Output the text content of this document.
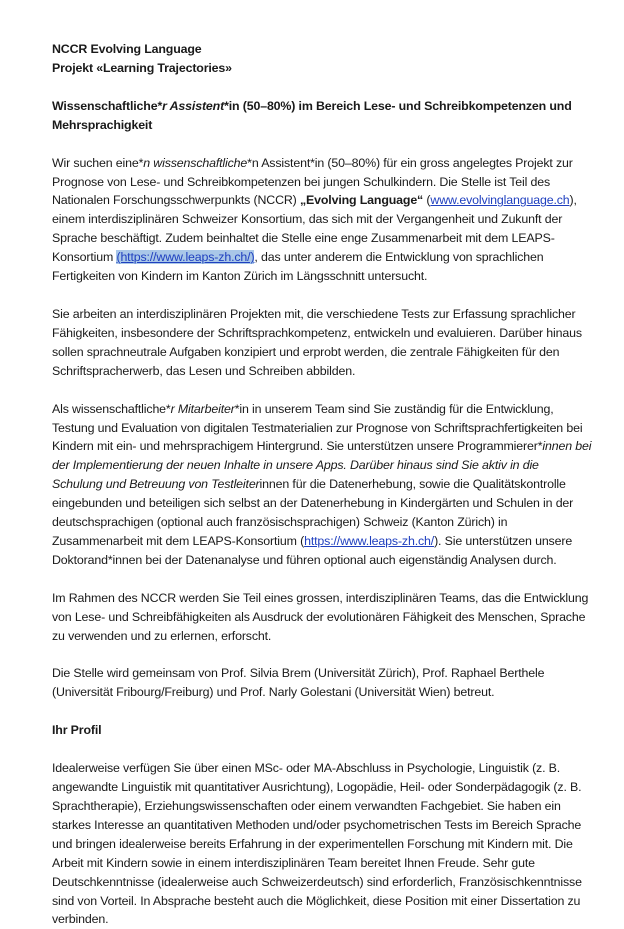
NCCR Evolving Language

Projekt «Learning Trajectories»

Wissenschaftliche*r Assistent*in (50–80%) im Bereich Lese- und Schreibkompetenzen und Mehrsprachigkeit

Wir suchen eine*n wissenschaftliche*n Assistent*in (50–80%) für ein gross angelegtes Projekt zur Prognose von Lese- und Schreibkompetenzen bei jungen Schulkindern. Die Stelle ist Teil des Nationalen Forschungsschwerpunkts (NCCR) „Evolving Language“ (www.evolvinglanguage.ch), einem interdisziplinären Schweizer Konsortium, das sich mit der Vergangenheit und Zukunft der Sprache beschäftigt. Zudem beinhaltet die Stelle eine enge Zusammenarbeit mit dem LEAPS-Konsortium (https://www.leaps-zh.ch/), das unter anderem die Entwicklung von sprachlichen Fertigkeiten von Kindern im Kanton Zürich im Längsschnitt untersucht.

Sie arbeiten an interdisziplinären Projekten mit, die verschiedene Tests zur Erfassung sprachlicher Fähigkeiten, insbesondere der Schriftsprachkompetenz, entwickeln und evaluieren. Darüber hinaus sollen sprachneutrale Aufgaben konzipiert und erprobt werden, die zentrale Fähigkeiten für den Schriftspracherwerb, das Lesen und Schreiben abbilden.

Als wissenschaftliche*r Mitarbeiter*in in unserem Team sind Sie zuständig für die Entwicklung, Testung und Evaluation von digitalen Testmaterialien zur Prognose von Schriftsprachfertigkeiten bei Kindern mit ein- und mehrsprachigem Hintergrund. Sie unterstützen unsere Programmierer*innen bei der Implementierung der neuen Inhalte in unsere Apps. Darüber hinaus sind Sie aktiv in die Schulung und Betreuung von Testleiterinnen für die Datenerhebung, sowie die Qualitätskontrolle eingebunden und beteiligen sich selbst an der Datenerhebung in Kindergärten und Schulen in der deutschsprachigen (optional auch französischsprachigen) Schweiz (Kanton Zürich) in Zusammenarbeit mit dem LEAPS-Konsortium (https://www.leaps-zh.ch/). Sie unterstützen unsere Doktorand*innen bei der Datenanalyse und führen optional auch eigenständig Analysen durch.

Im Rahmen des NCCR werden Sie Teil eines grossen, interdisziplinären Teams, das die Entwicklung von Lese- und Schreibfähigkeiten als Ausdruck der evolutionären Fähigkeit des Menschen, Sprache zu verwenden und zu erlernen, erforscht.

Die Stelle wird gemeinsam von Prof. Silvia Brem (Universität Zürich), Prof. Raphael Berthele (Universität Fribourg/Freiburg) und Prof. Narly Golestani (Universität Wien) betreut.

Ihr Profil

Idealerweise verfügen Sie über einen MSc- oder MA-Abschluss in Psychologie, Linguistik (z. B. angewandte Linguistik mit quantitativer Ausrichtung), Logopädie, Heil- oder Sonderpädagogik (z. B. Sprachtherapie), Erziehungswissenschaften oder einem verwandten Fachgebiet. Sie haben ein starkes Interesse an quantitativen Methoden und/oder psychometrischen Tests im Bereich Sprache und bringen idealerweise bereits Erfahrung in der experimentellen Forschung mit Kindern mit. Die Arbeit mit Kindern sowie in einem interdisziplinären Team bereitet Ihnen Freude. Sehr gute Deutschkenntnisse (idealerweise auch Schweizerdeutsch) sind erforderlich, Französischkenntnisse sind von Vorteil. In Absprache besteht auch die Möglichkeit, diese Position mit einer Dissertation zu verbinden.
